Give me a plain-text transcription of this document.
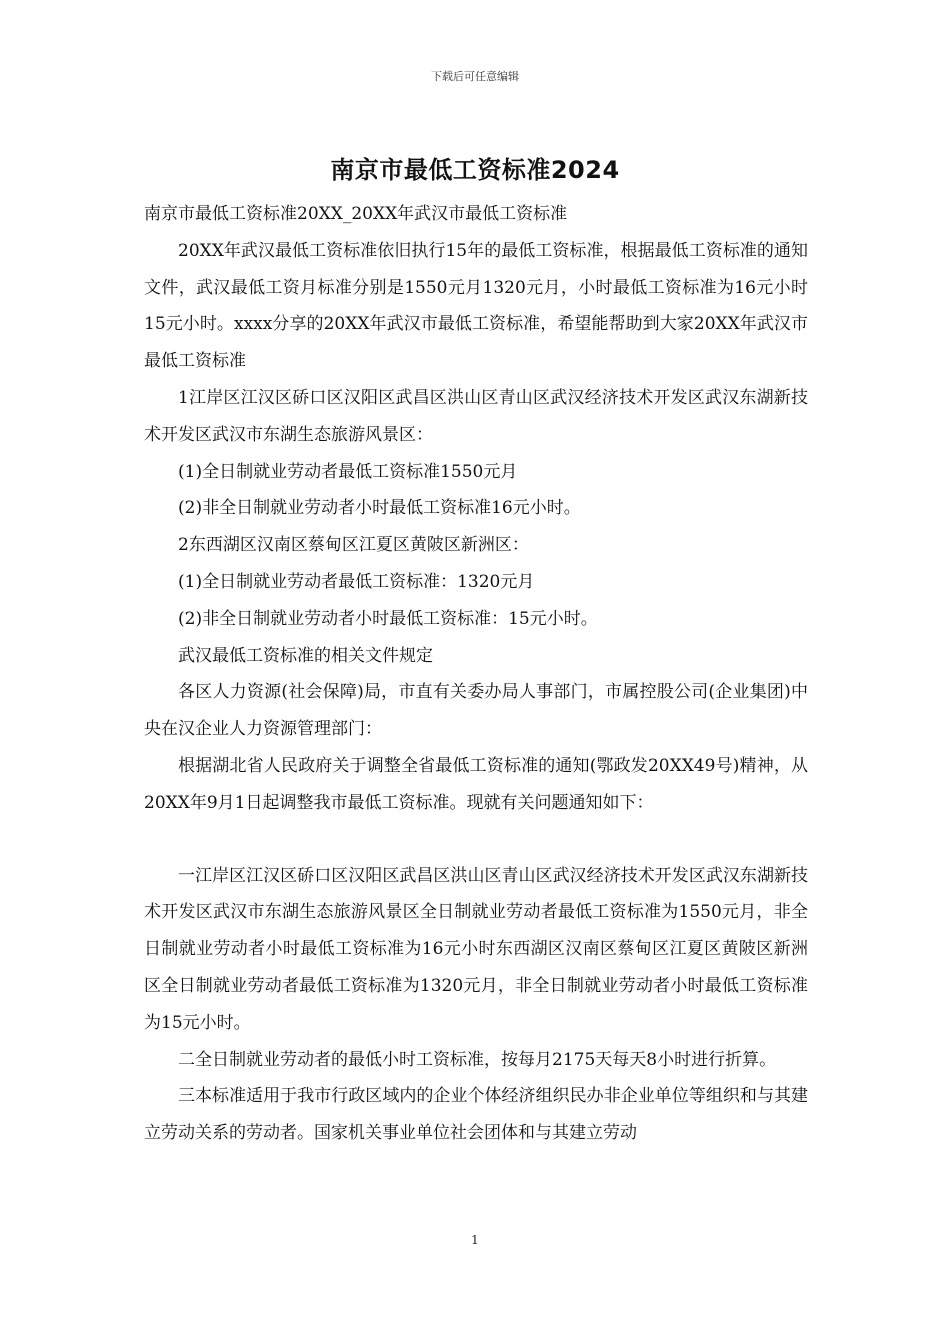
下载后可任意编辑
南京市最低工资标准2024

南京市最低工资标准20XX_20XX年武汉市最低工资标准

20XX年武汉最低工资标准依旧执行15年的最低工资标准，根据最低工资标准的通知文件，武汉最低工资月标准分别是1550元月1320元月，小时最低工资标准为16元小时15元小时。xxxx分享的20XX年武汉市最低工资标准，希望能帮助到大家20XX年武汉市最低工资标准

1江岸区江汉区硚口区汉阳区武昌区洪山区青山区武汉经济技术开发区武汉东湖新技术开发区武汉市东湖生态旅游风景区：

(1)全日制就业劳动者最低工资标准1550元月

(2)非全日制就业劳动者小时最低工资标准16元小时。

2东西湖区汉南区蔡甸区江夏区黄陂区新洲区：

(1)全日制就业劳动者最低工资标准：1320元月

(2)非全日制就业劳动者小时最低工资标准：15元小时。

武汉最低工资标准的相关文件规定

各区人力资源(社会保障)局，市直有关委办局人事部门，市属控股公司(企业集团)中央在汉企业人力资源管理部门：

根据湖北省人民政府关于调整全省最低工资标准的通知(鄂政发20XX49号)精神，从20XX年9月1日起调整我市最低工资标准。现就有关问题通知如下：

一江岸区江汉区硚口区汉阳区武昌区洪山区青山区武汉经济技术开发区武汉东湖新技术开发区武汉市东湖生态旅游风景区全日制就业劳动者最低工资标准为1550元月，非全日制就业劳动者小时最低工资标准为16元小时东西湖区汉南区蔡甸区江夏区黄陂区新洲区全日制就业劳动者最低工资标准为1320元月，非全日制就业劳动者小时最低工资标准为15元小时。

二全日制就业劳动者的最低小时工资标准，按每月2175天每天8小时进行折算。

三本标准适用于我市行政区域内的企业个体经济组织民办非企业单位等组织和与其建立劳动关系的劳动者。国家机关事业单位社会团体和与其建立劳动

1
